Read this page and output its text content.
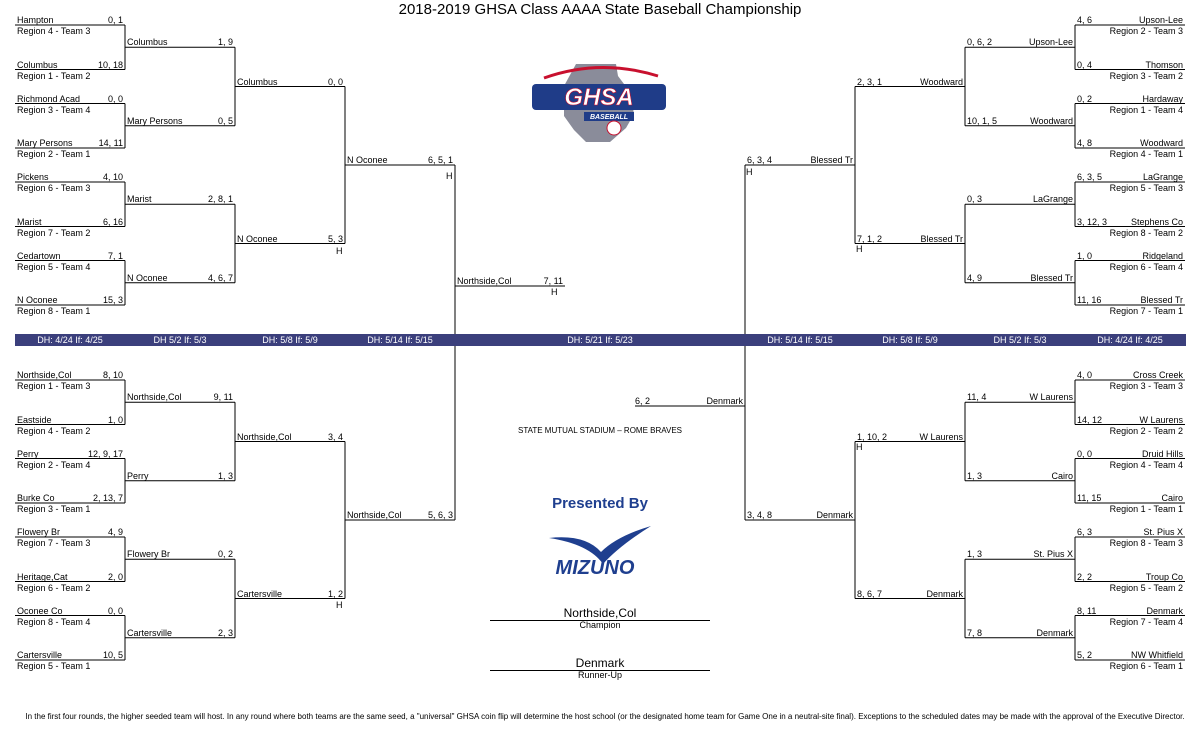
2018-2019 GHSA Class AAAA State Baseball Championship
Hampton	0, 1
Region 4 - Team 3
Columbus	10, 18
Region 1 - Team 2
Richmond Acad	0, 0
Region 3 - Team 4
Mary Persons	14, 11
Region 2 - Team 1
Pickens	4, 10
Region 6 - Team 3
Marist	6, 16
Region 7 - Team 2
Cedartown	7, 1
Region 5 - Team 4
N Oconee	15, 3
Region 8 - Team 1
Columbus	1, 9
Mary Persons	0, 5
Marist	2, 8, 1
N Oconee	4, 6, 7
Columbus	0, 0
N Oconee	5, 3
N Oconee	6, 5, 1
Northside,Col	8, 10
Region 1 - Team 3
Eastside	1, 0
Region 4 - Team 2
Perry	12, 9, 17
Region 2 - Team 4
Burke Co	2, 13, 7
Region 3 - Team 1
Flowery Br	4, 9
Region 7 - Team 3
Heritage,Cat	2, 0
Region 6 - Team 2
Oconee Co	0, 0
Region 8 - Team 4
Cartersville	10, 5
Region 5 - Team 1
Northside,Col	9, 11
Perry	1, 3
Flowery Br	0, 2
Cartersville	2, 3
Northside,Col	3, 4
Cartersville	1, 2
Northside,Col	5, 6, 3
Upson-Lee
4, 6
Region 2 - Team 3
Thomson
0, 4
Region 3 - Team 2
Hardaway
0, 2
Region 1 - Team 4
Woodward
4, 8
Region 4 - Team 1
LaGrange
6, 3, 5
Region 5 - Team 3
Stephens Co
3, 12, 3
Region 8 - Team 2
Ridgeland
1, 0
Region 6 - Team 4
Blessed Tr
11, 16
Region 7 - Team 1
Upson-Lee
0, 6, 2
Woodward
10, 1, 5
LaGrange
0, 3
Blessed Tr
4, 9
Woodward
2, 3, 1
Blessed Tr
7, 1, 2
Blessed Tr
6, 3, 4
Cross Creek
4, 0
Region 3 - Team 3
W Laurens
14, 12
Region 2 - Team 2
Druid Hills
0, 0
Region 4 - Team 4
Cairo
11, 15
Region 1 - Team 1
St. Pius X
6, 3
Region 8 - Team 3
Troup Co
2, 2
Region 5 - Team 2
Denmark
8, 11
Region 7 - Team 4
NW Whitfield
5, 2
Region 6 - Team 1
W Laurens
11, 4
Cairo
1, 3
St. Pius X
1, 3
Denmark
7, 8
W Laurens
1, 10, 2
Denmark
8, 6, 7
Denmark
3, 4, 8
Northside,Col	7, 11
Denmark
6, 2
H
H
H
H
H
H
H
DH: 4/24 If: 4/25	DH 5/2 If: 5/3	DH: 5/8 If: 5/9	DH: 5/14 If: 5/15	DH: 5/21 If: 5/23	DH: 5/14 If: 5/15	DH: 5/8 If: 5/9	DH 5/2 If: 5/3	DH: 4/24 If: 4/25
GHSA
BASEBALL
STATE MUTUAL STADIUM – ROME BRAVES
Presented By
MIZUNO
Northside,Col
Champion
Denmark
Runner-Up
In the first four rounds, the higher seeded team will host. In any round where both teams are the same seed, a "universal" GHSA coin flip will determine the host school (or the designated home team for Game One in a neutral-site final). Exceptions to the scheduled dates may be made with the approval of the Executive Director.
